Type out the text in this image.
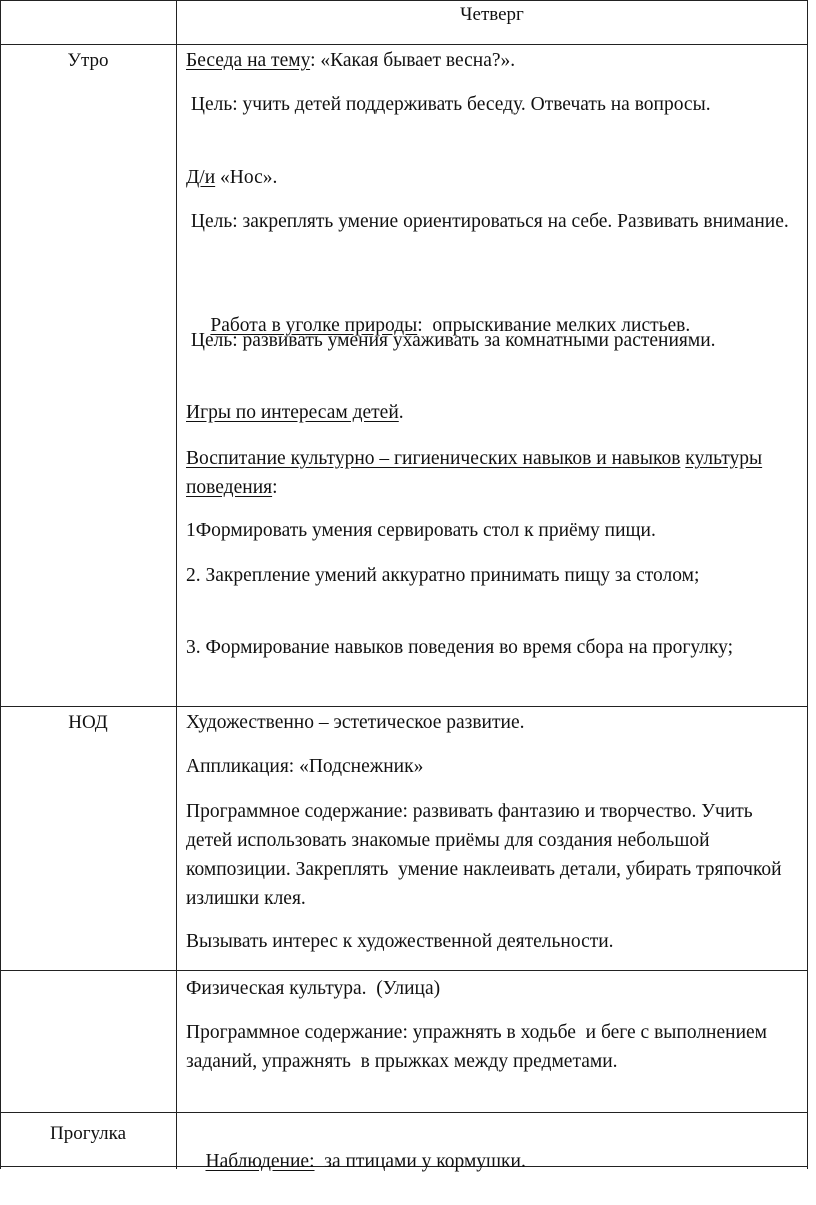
Четверг
Утро	Беседа на тему: «Какая бывает весна?».

Цель: учить детей поддерживать беседу. Отвечать на вопросы.

Д/и «Нос».

Цель: закреплять умение ориентироваться на себе. Развивать внимание.

Работа в уголке природы:  опрыскивание мелких листьев.

Цель: развивать умения ухаживать за комнатными растениями.

Игры по интересам детей.

Воспитание культурно – гигиенических навыков и навыков культуры поведения:

1Формировать умения сервировать стол к приёму пищи.

2. Закрепление умений аккуратно принимать пищу за столом;

3. Формирование навыков поведения во время сбора на прогулку;

НОД	Художественно – эстетическое развитие.

Аппликация: «Подснежник»

Программное содержание: развивать фантазию и творчество. Учить детей использовать знакомые приёмы для создания небольшой композиции. Закреплять  умение наклеивать детали, убирать тряпочкой  излишки клея.

Вызывать интерес к художественной деятельности.

Физическая культура.  (Улица)

Программное содержание: упражнять в ходьбе  и беге с выполнением заданий, упражнять  в прыжках между предметами.

Прогулка

Наблюдение:  за птицами у кормушки.
